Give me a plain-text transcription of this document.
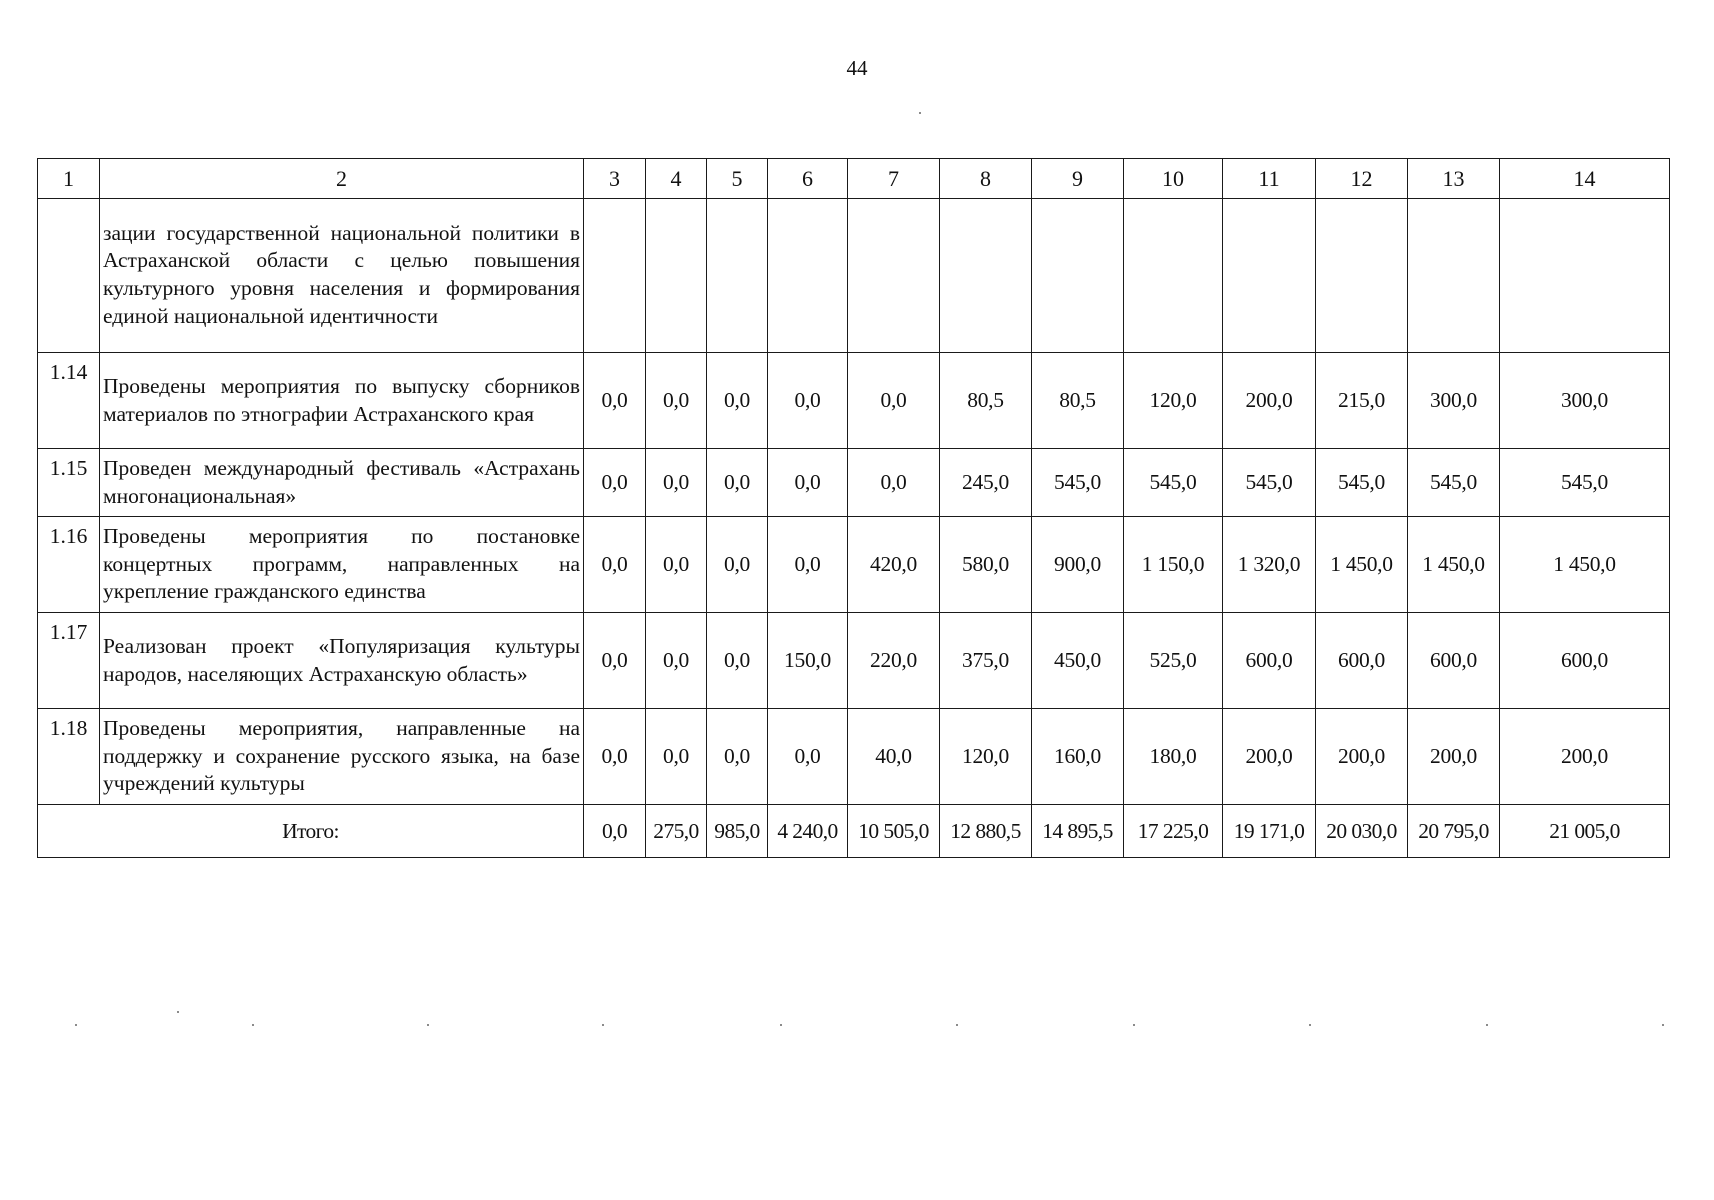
44
1	2	3	4	5	6	7	8	9	10	11	12	13	14
	зации государственной национальной политики в Астраханской области с целью повышения культурного уровня населения и формирования единой национальной идентичности												
1.14	Проведены мероприятия по выпуску сборников материалов по этнографии Астраханского края	0,0	0,0	0,0	0,0	0,0	80,5	80,5	120,0	200,0	215,0	300,0	300,0
1.15	Проведен международный фестиваль «Астрахань многонациональная»	0,0	0,0	0,0	0,0	0,0	245,0	545,0	545,0	545,0	545,0	545,0	545,0
1.16	Проведены мероприятия по постановке концертных программ, направленных на укрепление гражданского единства	0,0	0,0	0,0	0,0	420,0	580,0	900,0	1 150,0	1 320,0	1 450,0	1 450,0	1 450,0
1.17	Реализован проект «Популяризация культуры народов, населяющих Астраханскую область»	0,0	0,0	0,0	150,0	220,0	375,0	450,0	525,0	600,0	600,0	600,0	600,0
1.18	Проведены мероприятия, направленные на поддержку и сохранение русского языка, на базе учреждений культуры	0,0	0,0	0,0	0,0	40,0	120,0	160,0	180,0	200,0	200,0	200,0	200,0
Итого:		0,0	275,0	985,0	4 240,0	10 505,0	12 880,5	14 895,5	17 225,0	19 171,0	20 030,0	20 795,0	21 005,0
